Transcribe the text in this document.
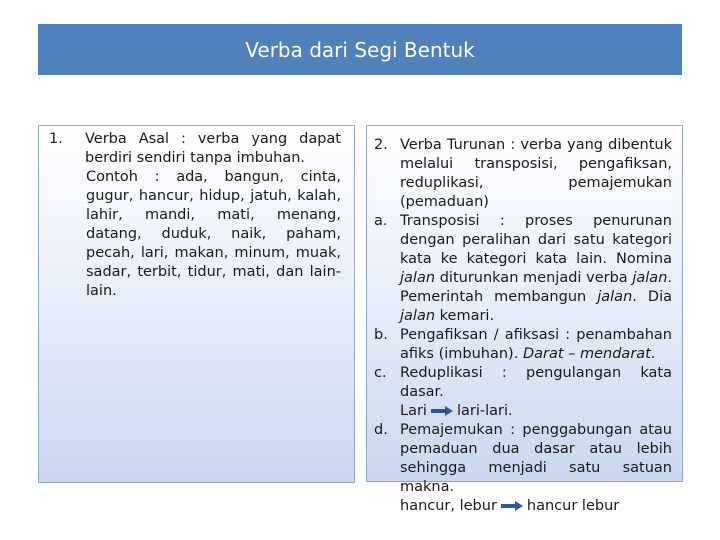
Verba dari Segi Bentuk
1. Verba Asal : verba yang dapat berdiri sendiri tanpa imbuhan.

Contoh : ada, bangun, cinta, gugur, hancur, hidup, jatuh, kalah, lahir, mandi, mati, menang, datang, duduk, naik, paham, pecah, lari, makan, minum, muak, sadar, terbit, tidur, mati, dan lain-lain.

2. Verba Turunan : verba yang dibentuk melalui transposisi, pengafiksan, reduplikasi, pemajemukan (pemaduan)
a. Transposisi : proses penurunan dengan peralihan dari satu kategori kata ke kategori kata lain. Nomina jalan diturunkan menjadi verba jalan. Pemerintah membangun jalan. Dia jalan kemari.
b. Pengafiksan / afiksasi : penambahan afiks (imbuhan). Darat – mendarat.
c. Reduplikasi : pengulangan kata dasar.
Lari lari-lari.
d. Pemajemukan : penggabungan atau pemaduan dua dasar atau lebih sehingga menjadi satu satuan makna.
hancur, lebur hancur lebur
